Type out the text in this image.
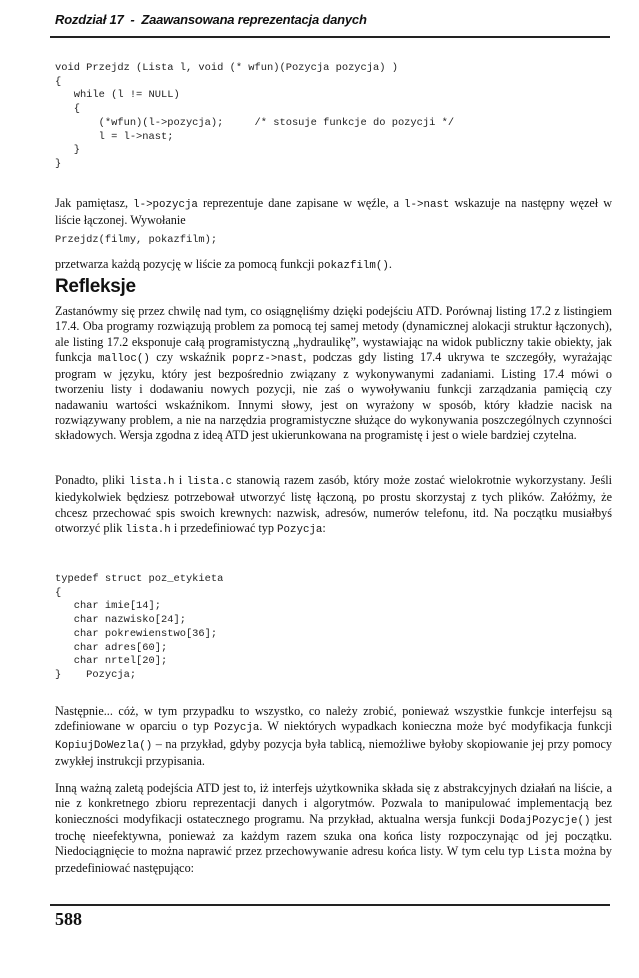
Rozdział 17  -  Zaawansowana reprezentacja danych
void Przejdz (Lista l, void (* wfun)(Pozycja pozycja) )
{
while (l != NULL)
{
(*wfun)(l->pozycja);     /* stosuje funkcje do pozycji */
l = l->nast;
}
}
Jak pamiętasz, l->pozycja reprezentuje dane zapisane w węźle, a l->nast wskazuje na następny węzeł w liście łączonej. Wywołanie
Przejdz(filmy, pokazfilm);
przetwarza każdą pozycję w liście za pomocą funkcji pokazfilm().
Refleksje
Zastanówmy się przez chwilę nad tym, co osiągnęliśmy dzięki podejściu ATD. Porównaj listing 17.2 z listingiem 17.4. Oba programy rozwiązują problem za pomocą tej samej metody (dynamicznej alokacji struktur łączonych), ale listing 17.2 eksponuje całą programistyczną „hydraulikę”, wystawiając na widok publiczny takie obiekty, jak funkcja malloc() czy wskaźnik poprz->nast, podczas gdy listing 17.4 ukrywa te szczegóły, wyrażając program w języku, który jest bezpośrednio związany z wykonywanymi zadaniami. Listing 17.4 mówi o tworzeniu listy i dodawaniu nowych pozycji, nie zaś o wywoływaniu funkcji zarządzania pamięcią czy nadawaniu wartości wskaźnikom. Innymi słowy, jest on wyrażony w sposób, który kładzie nacisk na rozwiązywany problem, a nie na narzędzia programistyczne służące do wykonywania poszczególnych czynności składowych. Wersja zgodna z ideą ATD jest ukierunkowana na programistę i jest o wiele bardziej czytelna.
Ponadto, pliki lista.h i lista.c stanowią razem zasób, który może zostać wielokrotnie wykorzystany. Jeśli kiedykolwiek będziesz potrzebował utworzyć listę łączoną, po prostu skorzystaj z tych plików. Załóżmy, że chcesz przechować spis swoich krewnych: nazwisk, adresów, numerów telefonu, itd. Na początku musiałbyś otworzyć plik lista.h i przedefiniować typ Pozycja:
typedef struct poz_etykieta
{
char imie[14];
char nazwisko[24];
char pokrewienstwo[36];
char adres[60];
char nrtel[20];
}    Pozycja;
Następnie... cóż, w tym przypadku to wszystko, co należy zrobić, ponieważ wszystkie funkcje interfejsu są zdefiniowane w oparciu o typ Pozycja. W niektórych wypadkach konieczna może być modyfikacja funkcji KopiujDoWezla() – na przykład, gdyby pozycja była tablicą, niemożliwe byłoby skopiowanie jej przy pomocy zwykłej instrukcji przypisania.
Inną ważną zaletą podejścia ATD jest to, iż interfejs użytkownika składa się z abstrakcyjnych działań na liście, a nie z konkretnego zbioru reprezentacji danych i algorytmów. Pozwala to manipulować implementacją bez konieczności modyfikacji ostatecznego programu. Na przykład, aktualna wersja funkcji DodajPozycje() jest trochę nieefektywna, ponieważ za każdym razem szuka ona końca listy rozpoczynając od jej początku. Niedociągnięcie to można naprawić przez przechowywanie adresu końca listy. W tym celu typ Lista można by przedefiniować następująco:
588
